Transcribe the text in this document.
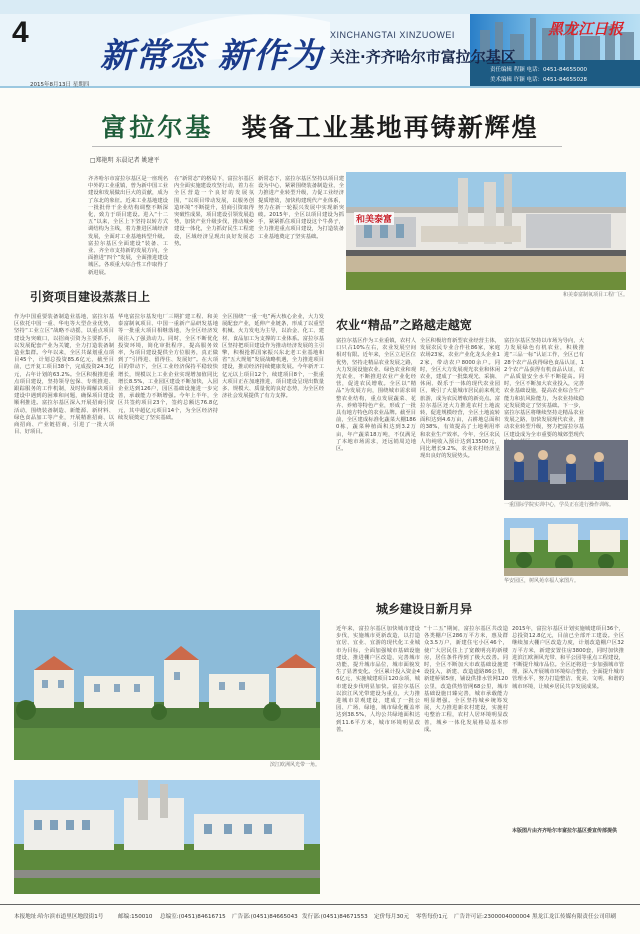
4
新常态 新作为
XINCHANGTAI XINZUOWEI
关注·齐齐哈尔市富拉尔基区
2015年8月13日 星期四
黑龙江日报
责任编辑 程颖 电话：0451-84655000
美术编辑 许颖 电话：0451-84655028
富拉尔基 装备工业基地再铸新辉煌
□郑艳明 东晨记者 姚建平
齐齐哈尔市富拉尔基区是一座现名中外的工业重镇，曾为新中国工业建设和发展做出巨大的贡献，成为了东北的象征。近来工业基地建设一批批骨干企业结构调整不断深化，致力于项目建设。进入“十二五”以来，全区上下坚持以转方式调结构为主线，着力推进区域经济发展，全面对工业基地转型升级。富拉尔基区全面建设“装备、工业、齐全市支持新的发展方向，全面推进“四个”发展，全面推进建设城区。各项重大综合性工作取得了新进展。
在“新常态”的格局下，富拉尔基区内全面实施建设攻坚行动，着力在全区营造一个良好的发展氛围，“以项目带动发展，以服务创造环境”不断提升，招商引资取得突破性成果，项目建设引领发展趋势，加快产业升级步伐，推动城乡建设一体化，全力抓好民生工程建设，区域经济呈现出良好发展态势。
新常态下，富拉尔基区坚持以项目建设为中心，紧紧围绕装备制造业，全力推进产业转型升级，力促工业经济提质增效，加快构建现代产业体系，努力在新一轮振兴发展中实现新突破。2015年，全区以项目建设为抓手，紧紧抓住项目建设这个牛鼻子，全力推进重点项目建设，为打造装备工业基地奠定了坚实基础。
和美泰富
和美泰富制氧项目工程厂区。
引资项目建设蒸蒸日上
作为中国重要装备制造业基地，富拉尔基区依托中国一重、华电等大型企业优势，坚持“工业立区”战略不动摇，以重点项目建设为突破口，以招商引资为主要抓手，以发展配套产业为关键，全力打造装备制造业集群。今年以来，全区共谋划重点项目45个，计划总投资85.6亿元，截至目前，已开复工项目38个，完成投资24.3亿元，占年计划的63.2%。全区积极推进重点项目建设，坚持领导包保、专班推进、跟踪服务的工作机制，及时协调解决项目建设中遇到的困难和问题，确保项目建设顺利推进。富拉尔基区深入开展招商引资活动，围绕装备制造、新能源、新材料、绿色食品加工等产业，开展精准招商、以商招商、产业链招商，引进了一批大项目、好项目。
华电富拉尔基发电厂三期扩建工程、和美泰富制氧项目、中国一重新产品研发基地等一批重大项目相继落地，为全区经济发展注入了强劲动力。同时，全区不断优化投资环境，简化审批程序，提高服务效率，为项目建设提供全方位服务，真正做到了“引得进、留得住、发展好”。在大项目的带动下，全区工业经济保持平稳较快增长，规模以上工业企业实现增加值同比增长8.5%，工业园区建设不断加快，入园企业达到126户，园区基础设施进一步完善，承载能力不断增强。今年上半年，全区共签约项目23个，签约总额达76.8亿元，其中超亿元项目14个，为全区经济持续发展奠定了坚实基础。
全区围绕“一重一电”两大核心企业，大力发展配套产业，延伸产业链条，形成了以重型机械、火力发电为主导，以冶金、化工、建材、食品加工为支撑的工业体系。富拉尔基区坚持把项目建设作为推动经济发展的主引擎，积极抢抓国家振兴东北老工业基地和省“五大规划”发展战略机遇，全力推进项目建设，推动经济持续健康发展。今年新开工亿元以上项目12个，续建项目8个，一批重大项目正在加速推进，项目建设呈现出数量多、规模大、质量优的良好态势，为全区经济社会发展提供了有力支撑。
滨江欧洲风光带一角。
农业“精品”之路越走越宽
富拉尔基区作为工业重镇，农村人口只占10%左右，农业发展空间相对有限。近年来，全区立足区位优势，坚持走精品农业发展之路，大力发展设施农业、绿色农业和观光农业，不断推进农业产业化经营，促进农民增收。全区以“精品”为发展方向，围绕城市需求调整农业结构，重点发展蔬菜、花卉、养殖等特色产业，形成了一批具有地方特色的农业品牌。截至目前，全区建成标准化蔬菜大棚1860栋，蔬菜种植面积达到3.2万亩，年产蔬菜18万吨，不仅满足了本地市场需求，还远销周边地区。
全区积极培育新型农业经营主体，发展农民专业合作社86家，家庭农场23家，农业产业化龙头企业12家，带动农户8000余户。同时，全区大力发展观光农业和休闲农业，建成了一批集观光、采摘、休闲、娱乐于一体的现代农业园区，吸引了大量城市居民前来观光旅游，成为农民增收的新亮点。富拉尔基区还大力推进农村土地流转，促进规模经营，全区土地流转面积达到4.6万亩，占耕地总面积的38%，有效提高了土地利用率和农业生产效率。今年，全区农民人均纯收入预计达到13500元，同比增长9.2%，农业农村经济呈现出良好的发展势头。
富拉尔基区坚持以市场为导向，大力发展绿色有机农业，积极推进“三品一标”认证工作，全区已有28个农产品获得绿色食品认证，12个农产品获得有机食品认证，农产品质量安全水平不断提高。同时，全区不断加大农业投入，完善农业基础设施，提高农业综合生产能力和抗风险能力，为农业持续稳定发展奠定了坚实基础。下一步，富拉尔基区将继续坚持走精品农业发展之路，加快发展现代农业，推动农业转型升级，努力把富拉尔基区建设成为全市重要的城郊型现代
一重国际学院实训中心，学员正在进行操作训练。
华安园区，树风苑幸福人家图片。
城乡建设日新月异
近年来，富拉尔基区加快城市建设步伐，实施城市更新改造，以打造宜居、宜业、宜游的现代化工业城市为目标，全面加强城市基础设施建设，推进棚户区改造，完善城市功能，提升城市品位，城市面貌发生了显著变化。全区累计投入资金46亿元，实施城建项目120余项，城市建设步伐明显加快。富拉尔基区以滨江风光带建设为重点，大力推进城市景观建设，建成了一批公园、广场、绿地，城市绿化覆盖率达到38.5%，人均公共绿地面积达到11.6平方米，城市环境明显改善。
“十二五”期间，富拉尔基区共改造各类棚户区286万平方米，惠及群众3.5万户，新建住宅小区46个，使广大居民住上了宽敞明亮的新楼房，居住条件得到了极大改善。同时，全区不断加大市政基础设施建设投入，新建、改造道路86公里，新建桥梁5座，铺设供排水管网120公里，改造供热管网68公里，城市基础设施日臻完善，城市承载能力明显增强。全区坚持城乡统筹发展，大力推进新农村建设，实施村屯整治工程，农村人居环境明显改善，城乡一体化发展格局基本形成。
2015年，富拉尔基区计划实施城建项目36个，总投资12.8亿元，目前已全部开工建设。全区继续加大棚户区改造力度，计划改造棚户区32万平方米，新建安置住房3800套，同时加快推进滨江欧洲风光带、和平公园等重点工程建设，不断提升城市品位。全区还将进一步加强城市管理，深入开展城市环境综合整治，全面提升城市管理水平，努力打造整洁、优美、文明、和谐的城市环境，让城乡居民共享发展成果。
本版图片由齐齐哈尔市富拉尔基区委宣传部提供
本报地址:哈尔滨市道里区地段街1号	邮编:150010 总编室:(0451)84616715 广告部:(0451)84665043 发行部:(0451)84671553 定价每月30元 零售每份1元 广告许可证:2300004000004 黑龙江龙江传媒有限责任公司印刷
